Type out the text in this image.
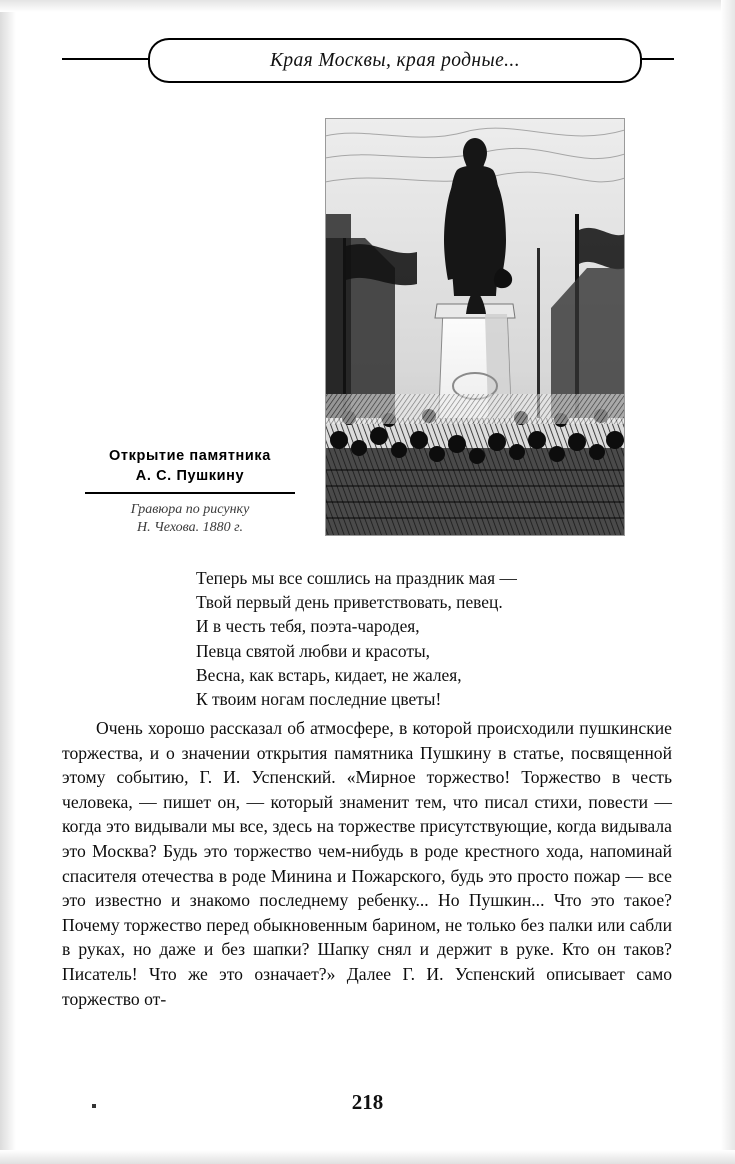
Края Москвы, края родные...
Открытие памятника
А. С. Пушкину
Гравюра по рисунку
Н. Чехова. 1880 г.
Теперь мы все сошлись на праздник мая —
Твой первый день приветствовать, певец.
И в честь тебя, поэта-чародея,
Певца святой любви и красоты,
Весна, как встарь, кидает, не жалея,
К твоим ногам последние цветы!

Очень хорошо рассказал об атмосфере, в которой происходили пушкинские торжества, и о значении открытия памятника Пушкину в статье, посвященной этому событию, Г. И. Успенский. «Мирное торжество! Торжество в честь человека, — пишет он, — который знаменит тем, что писал стихи, повести — когда это видывали мы все, здесь на торжестве присутствующие, когда видывала это Москва? Будь это торжество чем-нибудь в роде крестного хода, напоминай спасителя отечества в роде Минина и Пожарского, будь это просто пожар — все это известно и знакомо последнему ребенку... Но Пушкин... Что это такое? Почему торжество перед обыкновенным барином, не только без палки или сабли в руках, но даже и без шапки? Шапку снял и держит в руке. Кто он таков? Писатель! Что же это означает?» Далее Г. И. Успенский описывает само торжество от-

218
